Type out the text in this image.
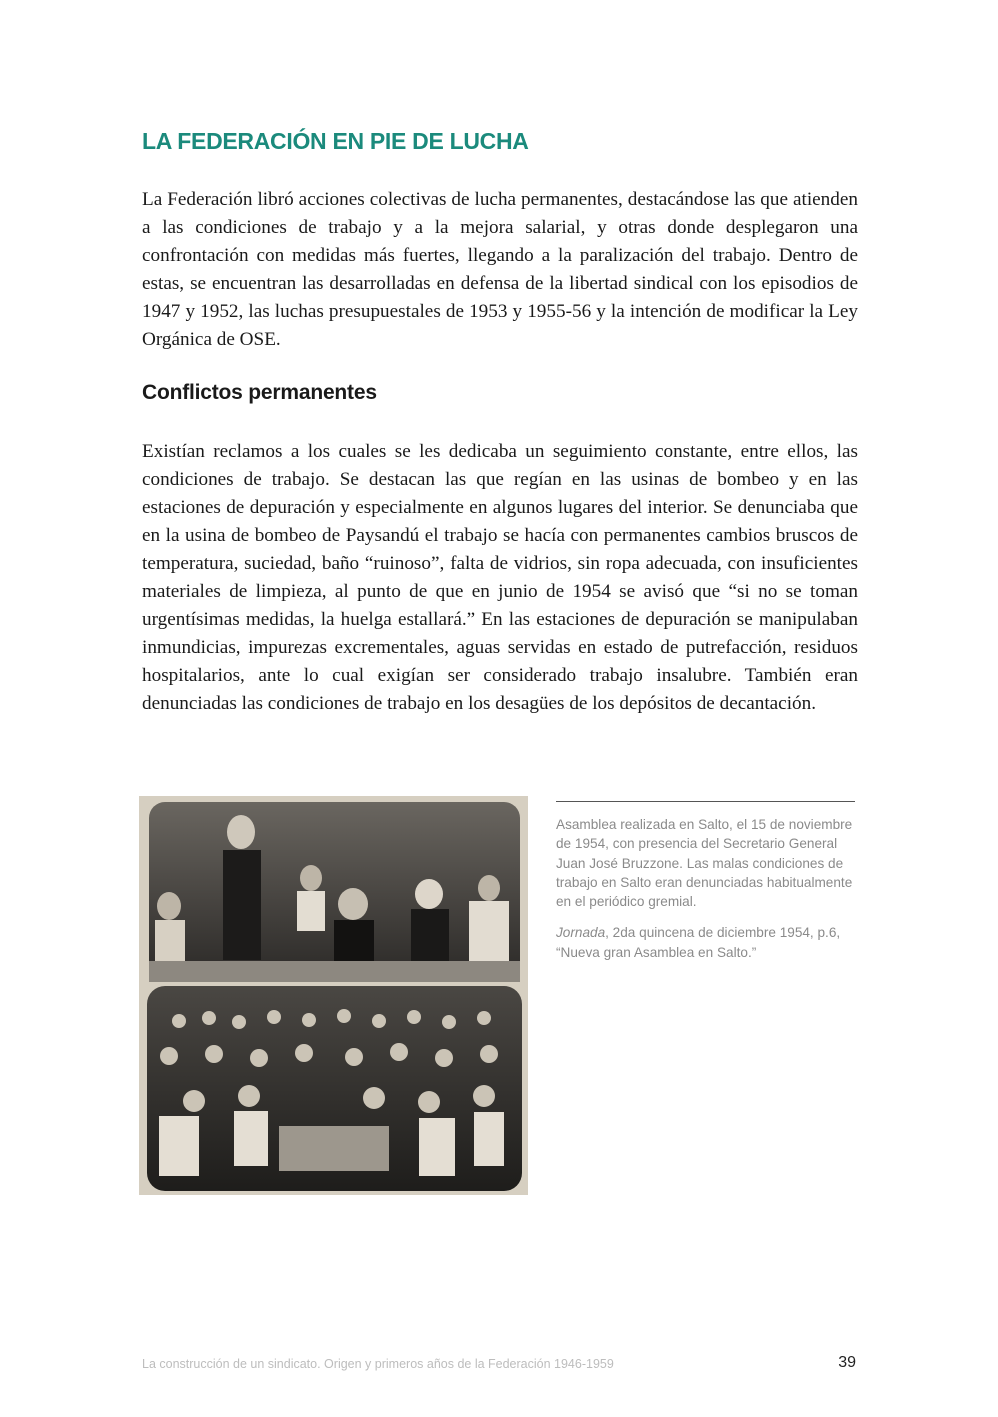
LA FEDERACIÓN EN PIE DE LUCHA

La Federación libró acciones colectivas de lucha permanentes, destacándose las que atienden a las condiciones de trabajo y a la mejora salarial, y otras donde desplegaron una confrontación con medidas más fuertes, llegando a la paralización del trabajo. Dentro de estas, se encuentran las desarrolladas en defensa de la libertad sindical con los episodios de 1947 y 1952, las luchas presupuestales de 1953 y 1955-56 y la intención de modificar la Ley Orgánica de OSE.

Conflictos permanentes

Existían reclamos a los cuales se les dedicaba un seguimiento constante, entre ellos, las condiciones de trabajo. Se destacan las que regían en las usinas de bombeo y en las estaciones de depuración y especialmente en algunos lugares del interior. Se denunciaba que en la usina de bombeo de Paysandú el trabajo se hacía con permanentes cambios bruscos de temperatura, suciedad, baño “ruinoso”, falta de vidrios, sin ropa adecuada, con insuficientes materiales de limpieza, al punto de que en junio de 1954 se avisó que “si no se toman urgentísimas medidas, la huelga estallará.” En las estaciones de depuración se manipulaban inmundicias, impurezas excrementales, aguas servidas en estado de putrefacción, residuos hospitalarios, ante lo cual exigían ser considerado trabajo insalubre. También eran denunciadas las condiciones de trabajo en los desagües de los depósitos de decantación.

Asamblea realizada en Salto, el 15 de noviembre de 1954, con presencia del Secretario General Juan José Bruzzone. Las malas condiciones de trabajo en Salto eran denunciadas habitualmente en el periódico gremial.

Jornada, 2da quincena de diciembre 1954, p.6, “Nueva gran Asamblea en Salto.”

La construcción de un sindicato. Origen y primeros años de la Federación 1946-1959	39
